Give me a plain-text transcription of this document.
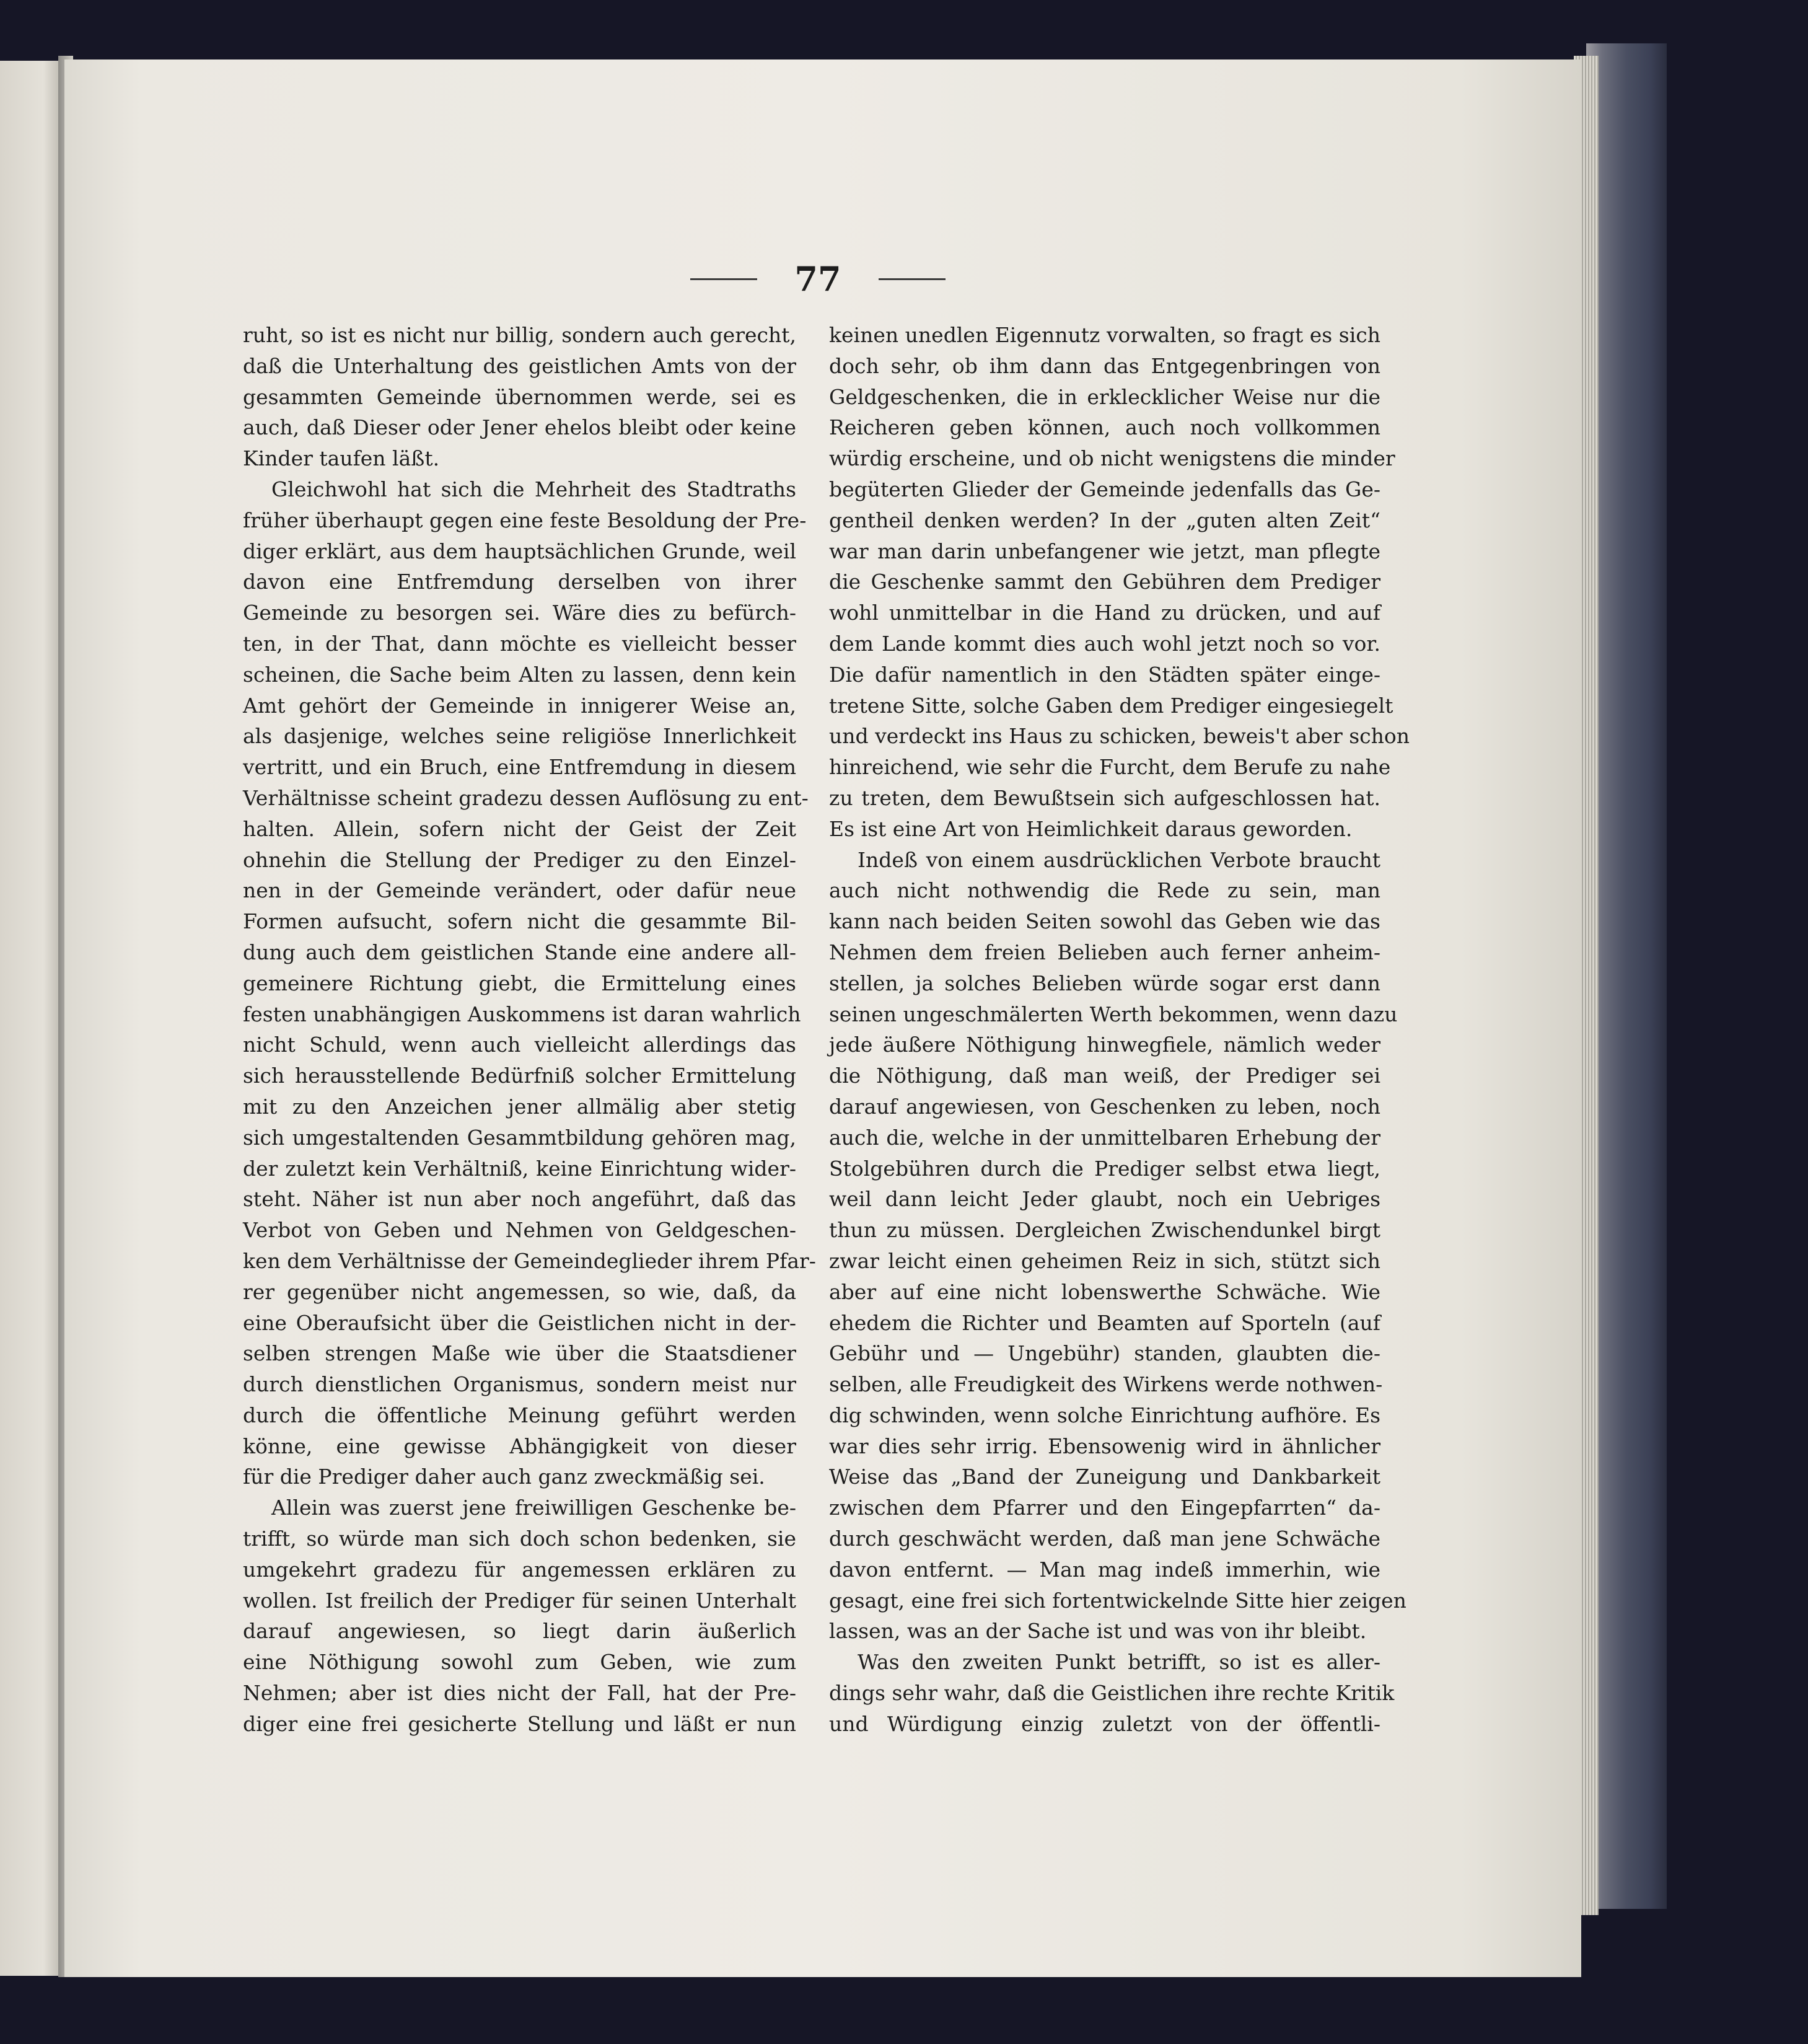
77
ruht, so ist es nicht nur billig, sondern auch gerecht,
daß die Unterhaltung des geistlichen Amts von der
gesammten Gemeinde übernommen werde, sei es
auch, daß Dieser oder Jener ehelos bleibt oder keine
Kinder taufen läßt.
Gleichwohl hat sich die Mehrheit des Stadtraths
früher überhaupt gegen eine feste Besoldung der Pre-
diger erklärt, aus dem hauptsächlichen Grunde, weil
davon eine Entfremdung derselben von ihrer
Gemeinde zu besorgen sei. Wäre dies zu befürch-
ten, in der That, dann möchte es vielleicht besser
scheinen, die Sache beim Alten zu lassen, denn kein
Amt gehört der Gemeinde in innigerer Weise an,
als dasjenige, welches seine religiöse Innerlichkeit
vertritt, und ein Bruch, eine Entfremdung in diesem
Verhältnisse scheint gradezu dessen Auflösung zu ent-
halten. Allein, sofern nicht der Geist der Zeit
ohnehin die Stellung der Prediger zu den Einzel-
nen in der Gemeinde verändert, oder dafür neue
Formen aufsucht, sofern nicht die gesammte Bil-
dung auch dem geistlichen Stande eine andere all-
gemeinere Richtung giebt, die Ermittelung eines
festen unabhängigen Auskommens ist daran wahrlich
nicht Schuld, wenn auch vielleicht allerdings das
sich herausstellende Bedürfniß solcher Ermittelung
mit zu den Anzeichen jener allmälig aber stetig
sich umgestaltenden Gesammtbildung gehören mag,
der zuletzt kein Verhältniß, keine Einrichtung wider-
steht. Näher ist nun aber noch angeführt, daß das
Verbot von Geben und Nehmen von Geldgeschen-
ken dem Verhältnisse der Gemeindeglieder ihrem Pfar-
rer gegenüber nicht angemessen, so wie, daß, da
eine Oberaufsicht über die Geistlichen nicht in der-
selben strengen Maße wie über die Staatsdiener
durch dienstlichen Organismus, sondern meist nur
durch die öffentliche Meinung geführt werden
könne, eine gewisse Abhängigkeit von dieser
für die Prediger daher auch ganz zweckmäßig sei.
Allein was zuerst jene freiwilligen Geschenke be-
trifft, so würde man sich doch schon bedenken, sie
umgekehrt gradezu für angemessen erklären zu
wollen. Ist freilich der Prediger für seinen Unterhalt
darauf angewiesen, so liegt darin äußerlich
eine Nöthigung sowohl zum Geben, wie zum
Nehmen; aber ist dies nicht der Fall, hat der Pre-
diger eine frei gesicherte Stellung und läßt er nun
keinen unedlen Eigennutz vorwalten, so fragt es sich
doch sehr, ob ihm dann das Entgegenbringen von
Geldgeschenken, die in erklecklicher Weise nur die
Reicheren geben können, auch noch vollkommen
würdig erscheine, und ob nicht wenigstens die minder
begüterten Glieder der Gemeinde jedenfalls das Ge-
gentheil denken werden? In der „guten alten Zeit“
war man darin unbefangener wie jetzt, man pflegte
die Geschenke sammt den Gebühren dem Prediger
wohl unmittelbar in die Hand zu drücken, und auf
dem Lande kommt dies auch wohl jetzt noch so vor.
Die dafür namentlich in den Städten später einge-
tretene Sitte, solche Gaben dem Prediger eingesiegelt
und verdeckt ins Haus zu schicken, beweis't aber schon
hinreichend, wie sehr die Furcht, dem Berufe zu nahe
zu treten, dem Bewußtsein sich aufgeschlossen hat.
Es ist eine Art von Heimlichkeit daraus geworden.
Indeß von einem ausdrücklichen Verbote braucht
auch nicht nothwendig die Rede zu sein, man
kann nach beiden Seiten sowohl das Geben wie das
Nehmen dem freien Belieben auch ferner anheim-
stellen, ja solches Belieben würde sogar erst dann
seinen ungeschmälerten Werth bekommen, wenn dazu
jede äußere Nöthigung hinwegfiele, nämlich weder
die Nöthigung, daß man weiß, der Prediger sei
darauf angewiesen, von Geschenken zu leben, noch
auch die, welche in der unmittelbaren Erhebung der
Stolgebühren durch die Prediger selbst etwa liegt,
weil dann leicht Jeder glaubt, noch ein Uebriges
thun zu müssen. Dergleichen Zwischendunkel birgt
zwar leicht einen geheimen Reiz in sich, stützt sich
aber auf eine nicht lobenswerthe Schwäche. Wie
ehedem die Richter und Beamten auf Sporteln (auf
Gebühr und — Ungebühr) standen, glaubten die-
selben, alle Freudigkeit des Wirkens werde nothwen-
dig schwinden, wenn solche Einrichtung aufhöre. Es
war dies sehr irrig. Ebensowenig wird in ähnlicher
Weise das „Band der Zuneigung und Dankbarkeit
zwischen dem Pfarrer und den Eingepfarrten“ da-
durch geschwächt werden, daß man jene Schwäche
davon entfernt. — Man mag indeß immerhin, wie
gesagt, eine frei sich fortentwickelnde Sitte hier zeigen
lassen, was an der Sache ist und was von ihr bleibt.
Was den zweiten Punkt betrifft, so ist es aller-
dings sehr wahr, daß die Geistlichen ihre rechte Kritik
und Würdigung einzig zuletzt von der öffentli-
